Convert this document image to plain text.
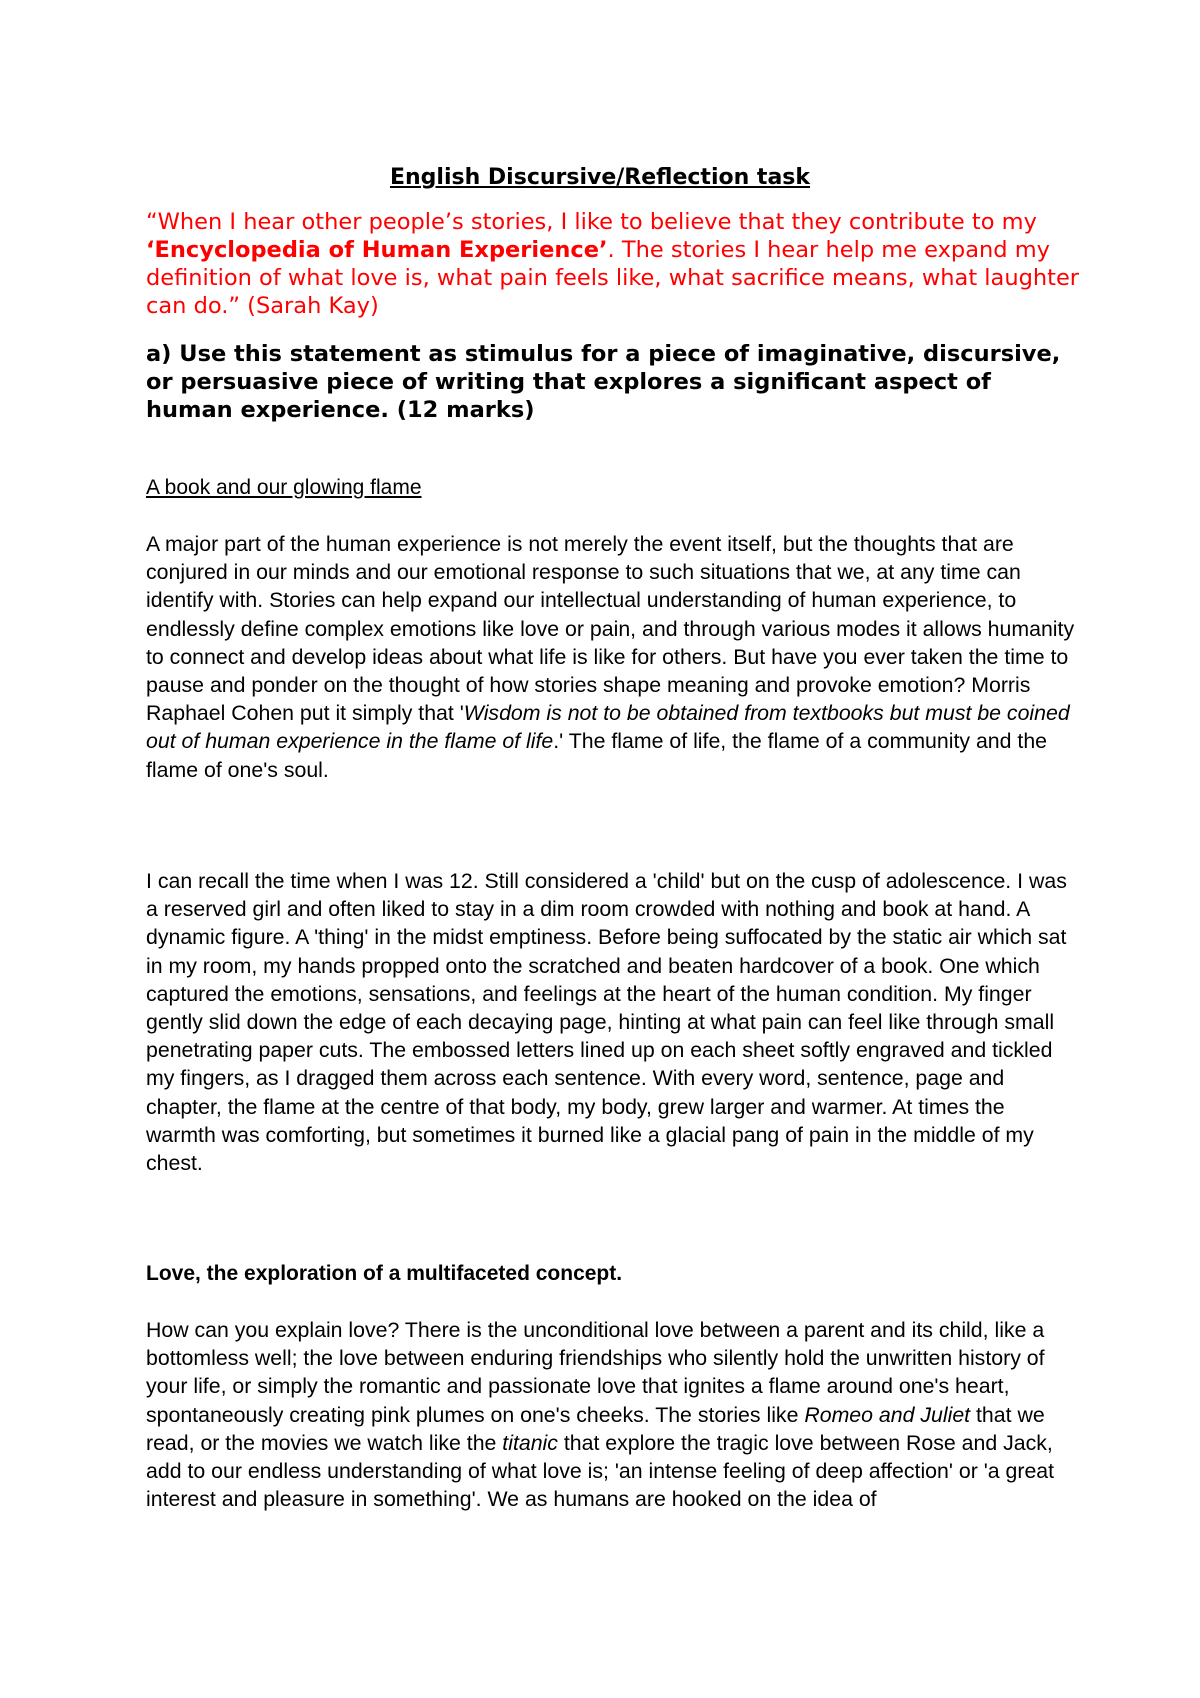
English Discursive/Reflection task
“When I hear other people’s stories, I like to believe that they contribute to my ‘Encyclopedia of Human Experience’. The stories I hear help me expand my definition of what love is, what pain feels like, what sacrifice means, what laughter can do.” (Sarah Kay)
a) Use this statement as stimulus for a piece of imaginative, discursive, or persuasive piece of writing that explores a significant aspect of human experience. (12 marks)
A book and our glowing flame
A major part of the human experience is not merely the event itself, but the thoughts that are conjured in our minds and our emotional response to such situations that we, at any time can identify with. Stories can help expand our intellectual understanding of human experience, to endlessly define complex emotions like love or pain, and through various modes it allows humanity to connect and develop ideas about what life is like for others. But have you ever taken the time to pause and ponder on the thought of how stories shape meaning and provoke emotion? Morris Raphael Cohen put it simply that 'Wisdom is not to be obtained from textbooks but must be coined out of human experience in the flame of life.' The flame of life, the flame of a community and the flame of one's soul.
I can recall the time when I was 12. Still considered a 'child' but on the cusp of adolescence. I was a reserved girl and often liked to stay in a dim room crowded with nothing and book at hand. A dynamic figure. A 'thing' in the midst emptiness. Before being suffocated by the static air which sat in my room, my hands propped onto the scratched and beaten hardcover of a book. One which captured the emotions, sensations, and feelings at the heart of the human condition. My finger gently slid down the edge of each decaying page, hinting at what pain can feel like through small penetrating paper cuts. The embossed letters lined up on each sheet softly engraved and tickled my fingers, as I dragged them across each sentence. With every word, sentence, page and chapter, the flame at the centre of that body, my body, grew larger and warmer. At times the warmth was comforting, but sometimes it burned like a glacial pang of pain in the middle of my chest.
Love, the exploration of a multifaceted concept.
How can you explain love? There is the unconditional love between a parent and its child, like a bottomless well; the love between enduring friendships who silently hold the unwritten history of your life, or simply the romantic and passionate love that ignites a flame around one's heart, spontaneously creating pink plumes on one's cheeks. The stories like Romeo and Juliet that we read, or the movies we watch like the titanic that explore the tragic love between Rose and Jack, add to our endless understanding of what love is; 'an intense feeling of deep affection' or 'a great interest and pleasure in something'. We as humans are hooked on the idea of
